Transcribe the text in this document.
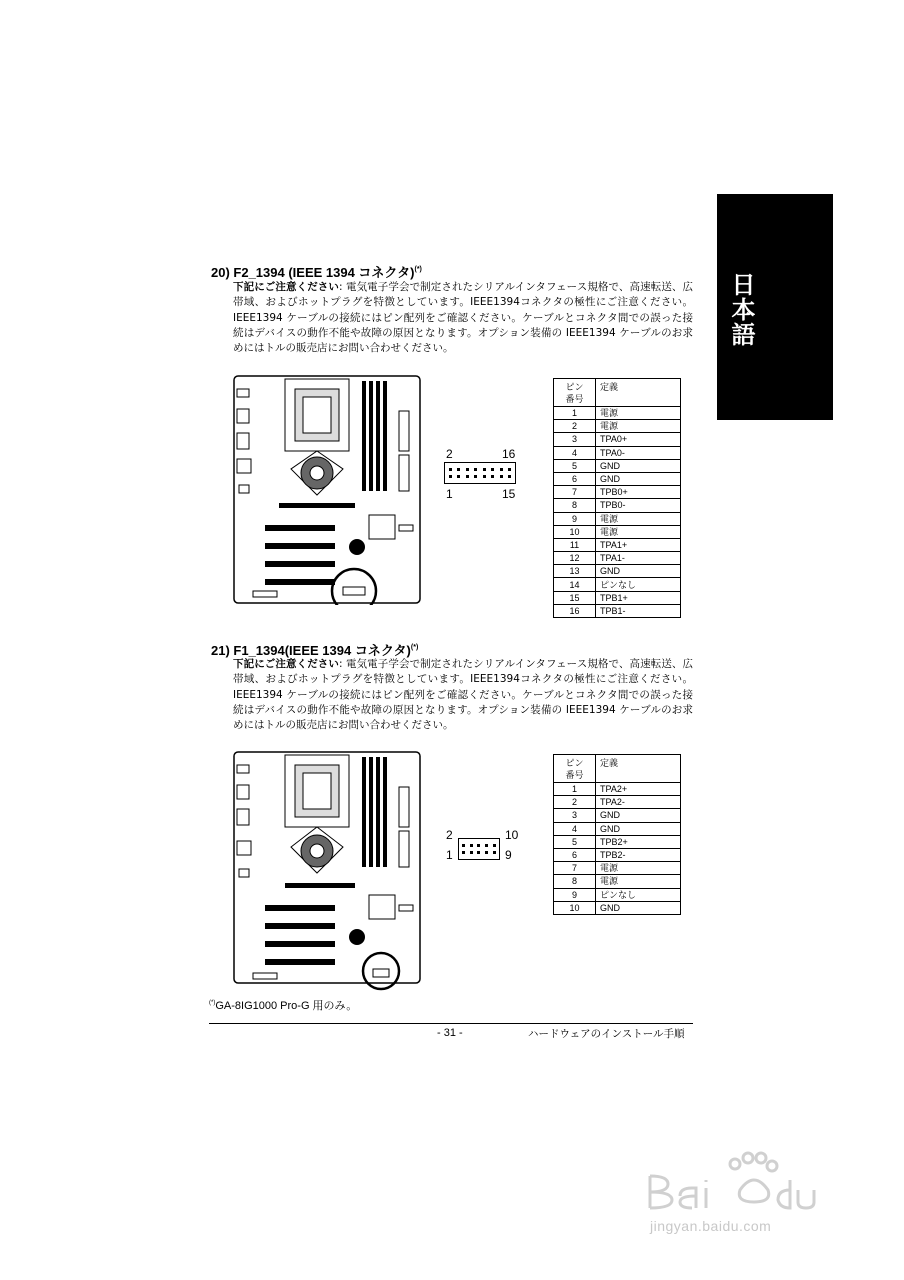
日本語
20) F2_1394 (IEEE 1394 コネクタ)(*)
下記にご注意ください: 電気電子学会で制定されたシリアルインタフェース規格で、高速転送、広帯域、およびホットプラグを特徴としています。IEEE1394コネクタの極性にご注意ください。IEEE1394 ケーブルの接続にはピン配列をご確認ください。ケーブルとコネクタ間での誤った接続はデバイスの動作不能や故障の原因となります。オプション装備の IEEE1394 ケーブルのお求めにはトルの販売店にお問い合わせください。
2	16
1	15
ピン
番号	定義
1	電源
2	電源
3	TPA0+
4	TPA0-
5	GND
6	GND
7	TPB0+
8	TPB0-
9	電源
10	電源
11	TPA1+
12	TPA1-
13	GND
14	ピンなし
15	TPB1+
16	TPB1-
21) F1_1394(IEEE 1394 コネクタ)(*)
下記にご注意ください: 電気電子学会で制定されたシリアルインタフェース規格で、高速転送、広帯域、およびホットプラグを特徴としています。IEEE1394コネクタの極性にご注意ください。IEEE1394 ケーブルの接続にはピン配列をご確認ください。ケーブルとコネクタ間での誤った接続はデバイスの動作不能や故障の原因となります。オプション装備の IEEE1394 ケーブルのお求めにはトルの販売店にお問い合わせください。
2	10
1	9
ピン
番号	定義
1	TPA2+
2	TPA2-
3	GND
4	GND
5	TPB2+
6	TPB2-
7	電源
8	電源
9	ピンなし
10	GND
(*)GA-8IG1000 Pro-G 用のみ。
- 31 -	ハードウェアのインストール手順
jingyan.baidu.com
